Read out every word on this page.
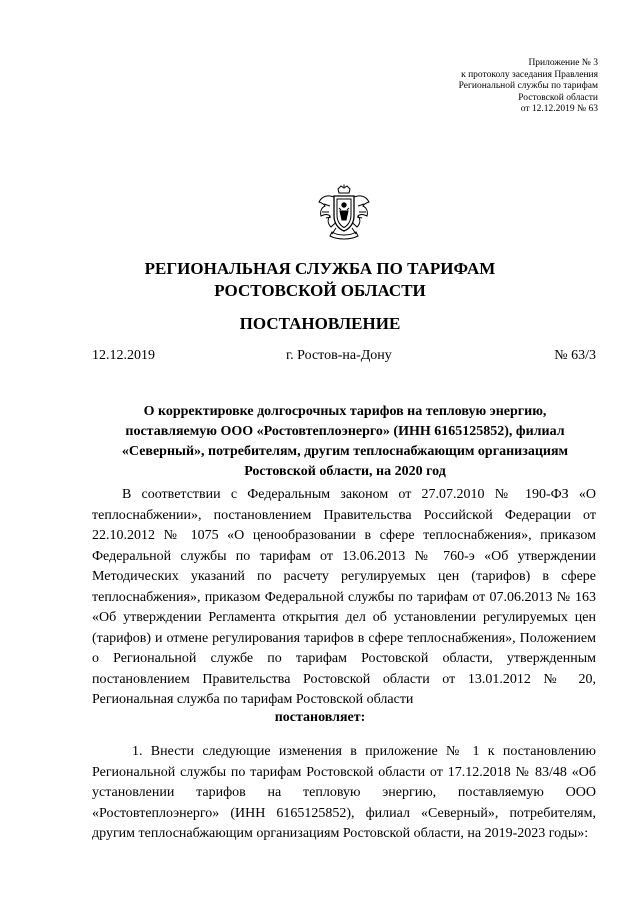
Приложение № 3
к протоколу заседания Правления
Региональной службы по тарифам
Ростовской области
от 12.12.2019 № 63
РЕГИОНАЛЬНАЯ СЛУЖБА ПО ТАРИФАМ
РОСТОВСКОЙ ОБЛАСТИ
ПОСТАНОВЛЕНИЕ
12.12.2019	г. Ростов-на-Дону	№ 63/3
О корректировке долгосрочных тарифов на тепловую энергию,
поставляемую ООО «Ростовтеплоэнерго» (ИНН 6165125852), филиал
«Северный», потребителям, другим теплоснабжающим организациям
Ростовской области, на 2020 год

В соответствии с Федеральным законом от 27.07.2010 № 190-ФЗ «О теплоснабжении», постановлением Правительства Российской Федерации от 22.10.2012 № 1075 «О ценообразовании в сфере теплоснабжения», приказом Федеральной службы по тарифам от 13.06.2013 № 760-э «Об утверждении Методических указаний по расчету регулируемых цен (тарифов) в сфере теплоснабжения», приказом Федеральной службы по тарифам от 07.06.2013 № 163 «Об утверждении Регламента открытия дел об установлении регулируемых цен (тарифов) и отмене регулирования тарифов в сфере теплоснабжения», Положением о Региональной службе по тарифам Ростовской области, утвержденным постановлением Правительства Ростовской области от 13.01.2012 № 20, Региональная служба по тарифам Ростовской области

постановляет:

1. Внести следующие изменения в приложение № 1 к постановлению Региональной службы по тарифам Ростовской области от 17.12.2018 № 83/48 «Об установлении тарифов на тепловую энергию, поставляемую ООО «Ростовтеплоэнерго» (ИНН 6165125852), филиал «Северный», потребителям, другим теплоснабжающим организациям Ростовской области, на 2019-2023 годы»:
